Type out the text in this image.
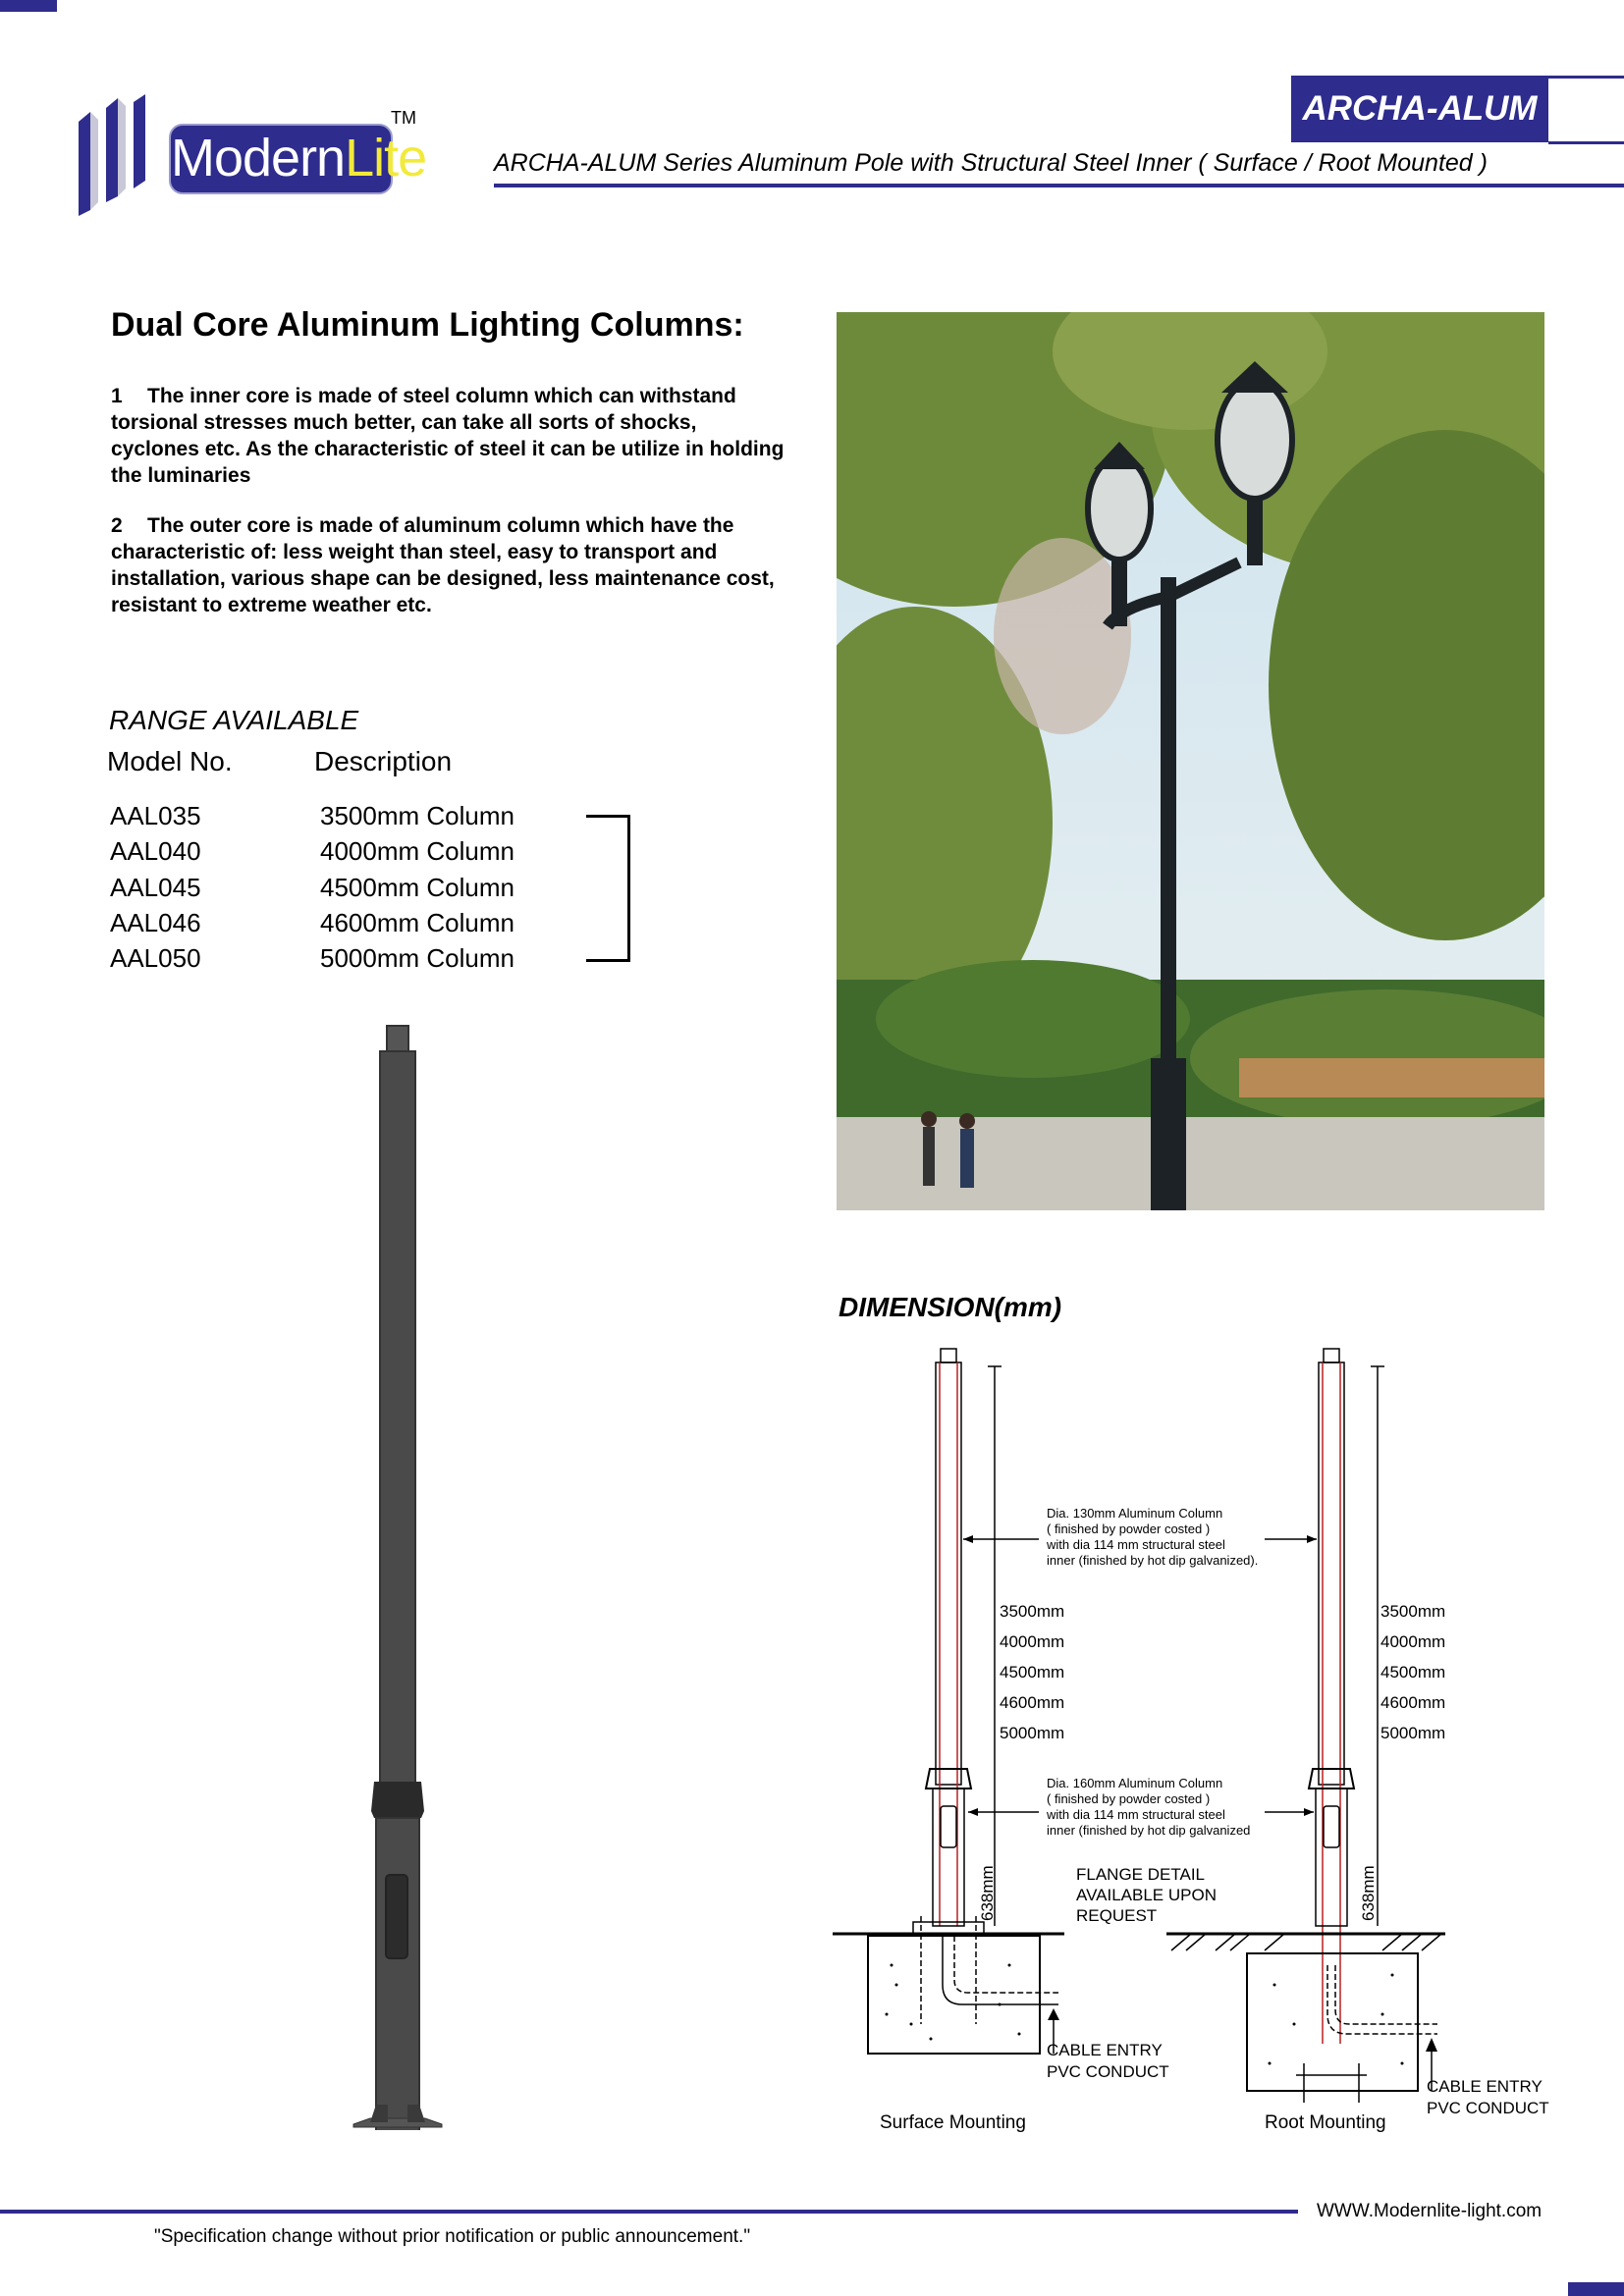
ModernLite
TM	ARCHA-ALUM
ARCHA-ALUM Series Aluminum Pole with Structural Steel Inner ( Surface / Root Mounted )
Dual Core Aluminum Lighting Columns:
1 The inner core is made of steel column which can withstand torsional stresses much better, can take all sorts of shocks, cyclones etc. As the characteristic of steel it can be utilize in holding the luminaries
2 The outer core is made of aluminum column which have the characteristic of: less weight than steel, easy to transport and installation, various shape can be designed, less maintenance cost, resistant to extreme weather etc.
RANGE AVAILABLE
Model No.	Description
AAL035	3500mm Column
AAL040	4000mm Column
AAL045	4500mm Column
AAL046	4600mm Column
AAL050	5000mm Column
DIMENSION(mm)
Dia. 130mm Aluminum Column
( finished by powder costed )
with dia 114 mm structural steel
inner (finished by hot dip galvanized).
Dia. 160mm Aluminum Column
( finished by powder costed )
with dia 114 mm structural steel
inner (finished by hot dip galvanized
3500mm
4000mm
4500mm
4600mm
5000mm
3500mm
4000mm
4500mm
4600mm
5000mm
638mm	638mm
FLANGE DETAIL
AVAILABLE UPON
REQUEST
CABLE ENTRY
PVC CONDUCT
CABLE ENTRY
PVC CONDUCT
Surface Mounting	Root Mounting
WWW.Modernlite-light.com
"Specification change without prior notification or public announcement."
